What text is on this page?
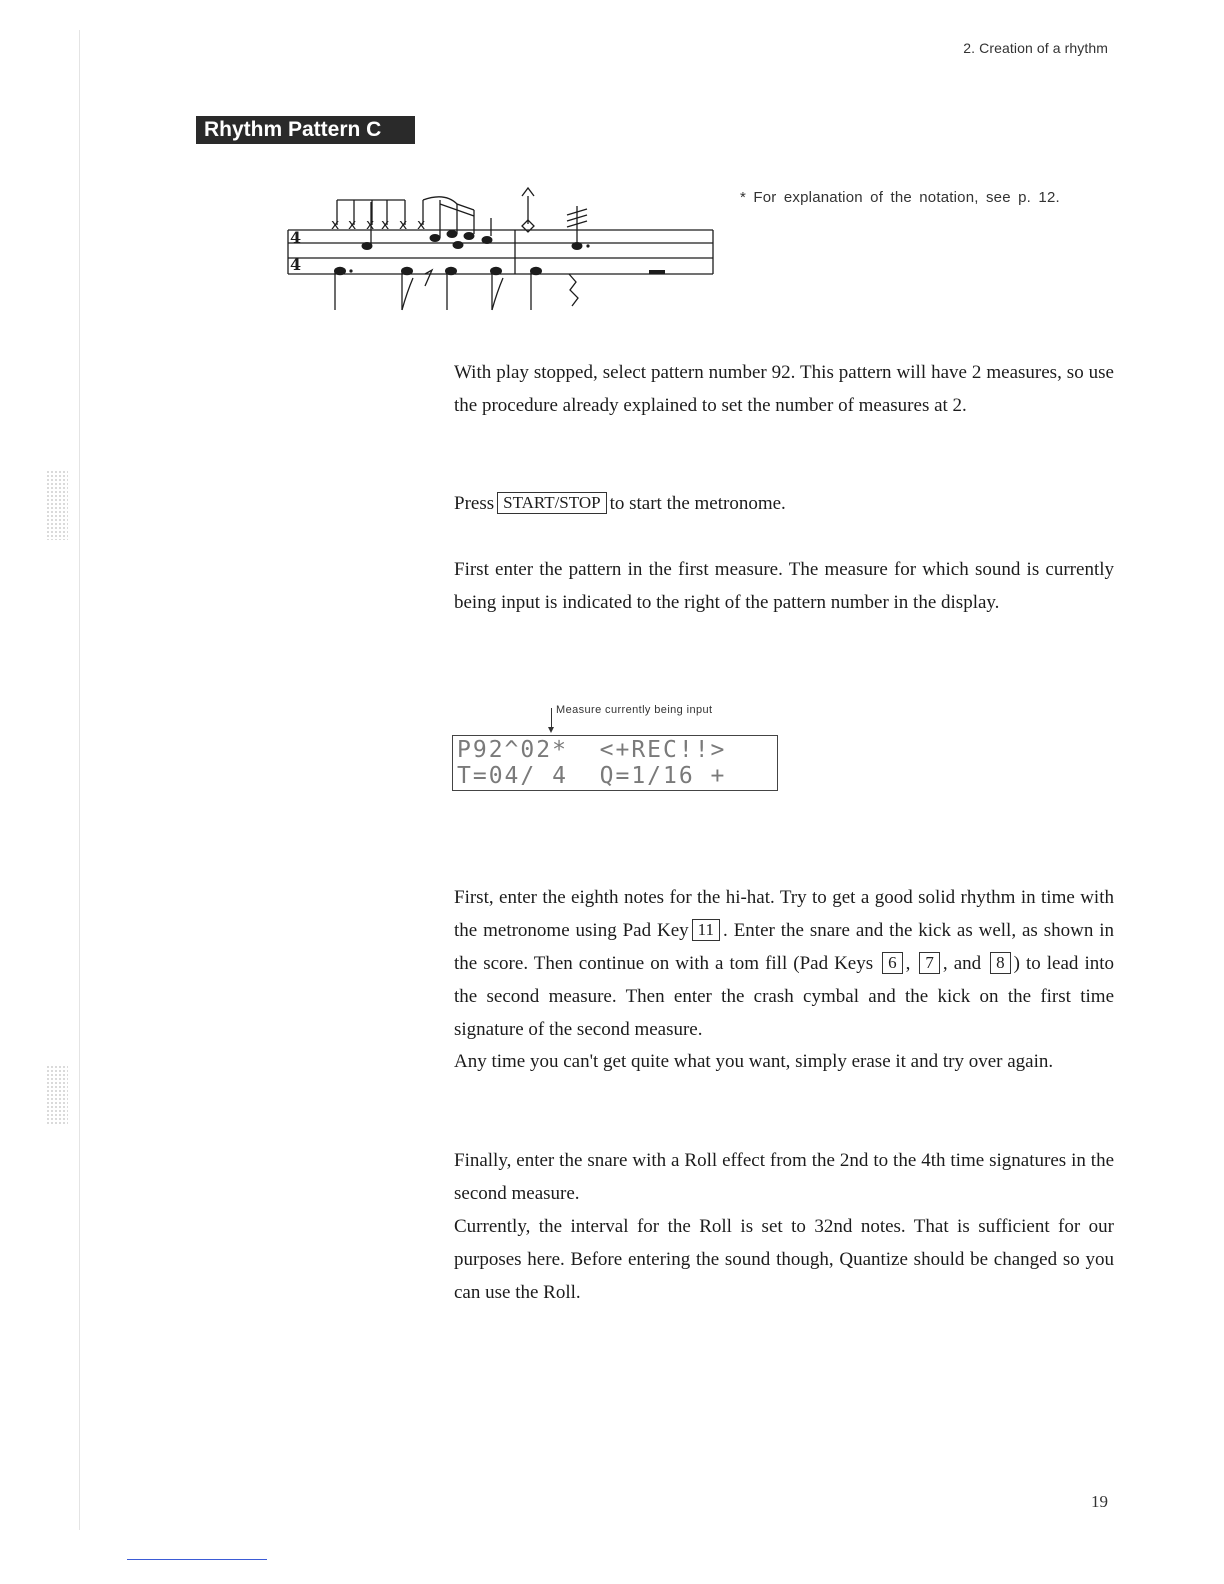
2. Creation of a rhythm
Rhythm Pattern C
x x x x x x
4
4
* For explanation of the notation, see p. 12.

With play stopped, select pattern number 92. This pattern will have 2 measures, so use the procedure already explained to set the number of measures at 2.

Press START/STOP to start the metronome.

First enter the pattern in the first measure. The measure for which sound is currently being input is indicated to the right of the pattern number in the display.

Measure currently being input
P92^02*  <+REC!!>
T=04/ 4  Q=1/16 +

First, enter the eighth notes for the hi-hat. Try to get a good solid rhythm in time with the metronome using Pad Key 11 . Enter the snare and the kick as well, as shown in the score. Then continue on with a tom fill (Pad Keys 6 , 7 , and 8 ) to lead into the second measure. Then enter the crash cymbal and the kick on the first time signature of the second measure.

Any time you can't get quite what you want, simply erase it and try over again.

Finally, enter the snare with a Roll effect from the 2nd to the 4th time signatures in the second measure.

Currently, the interval for the Roll is set to 32nd notes. That is sufficient for our purposes here. Before entering the sound though, Quantize should be changed so you can use the Roll.

19
